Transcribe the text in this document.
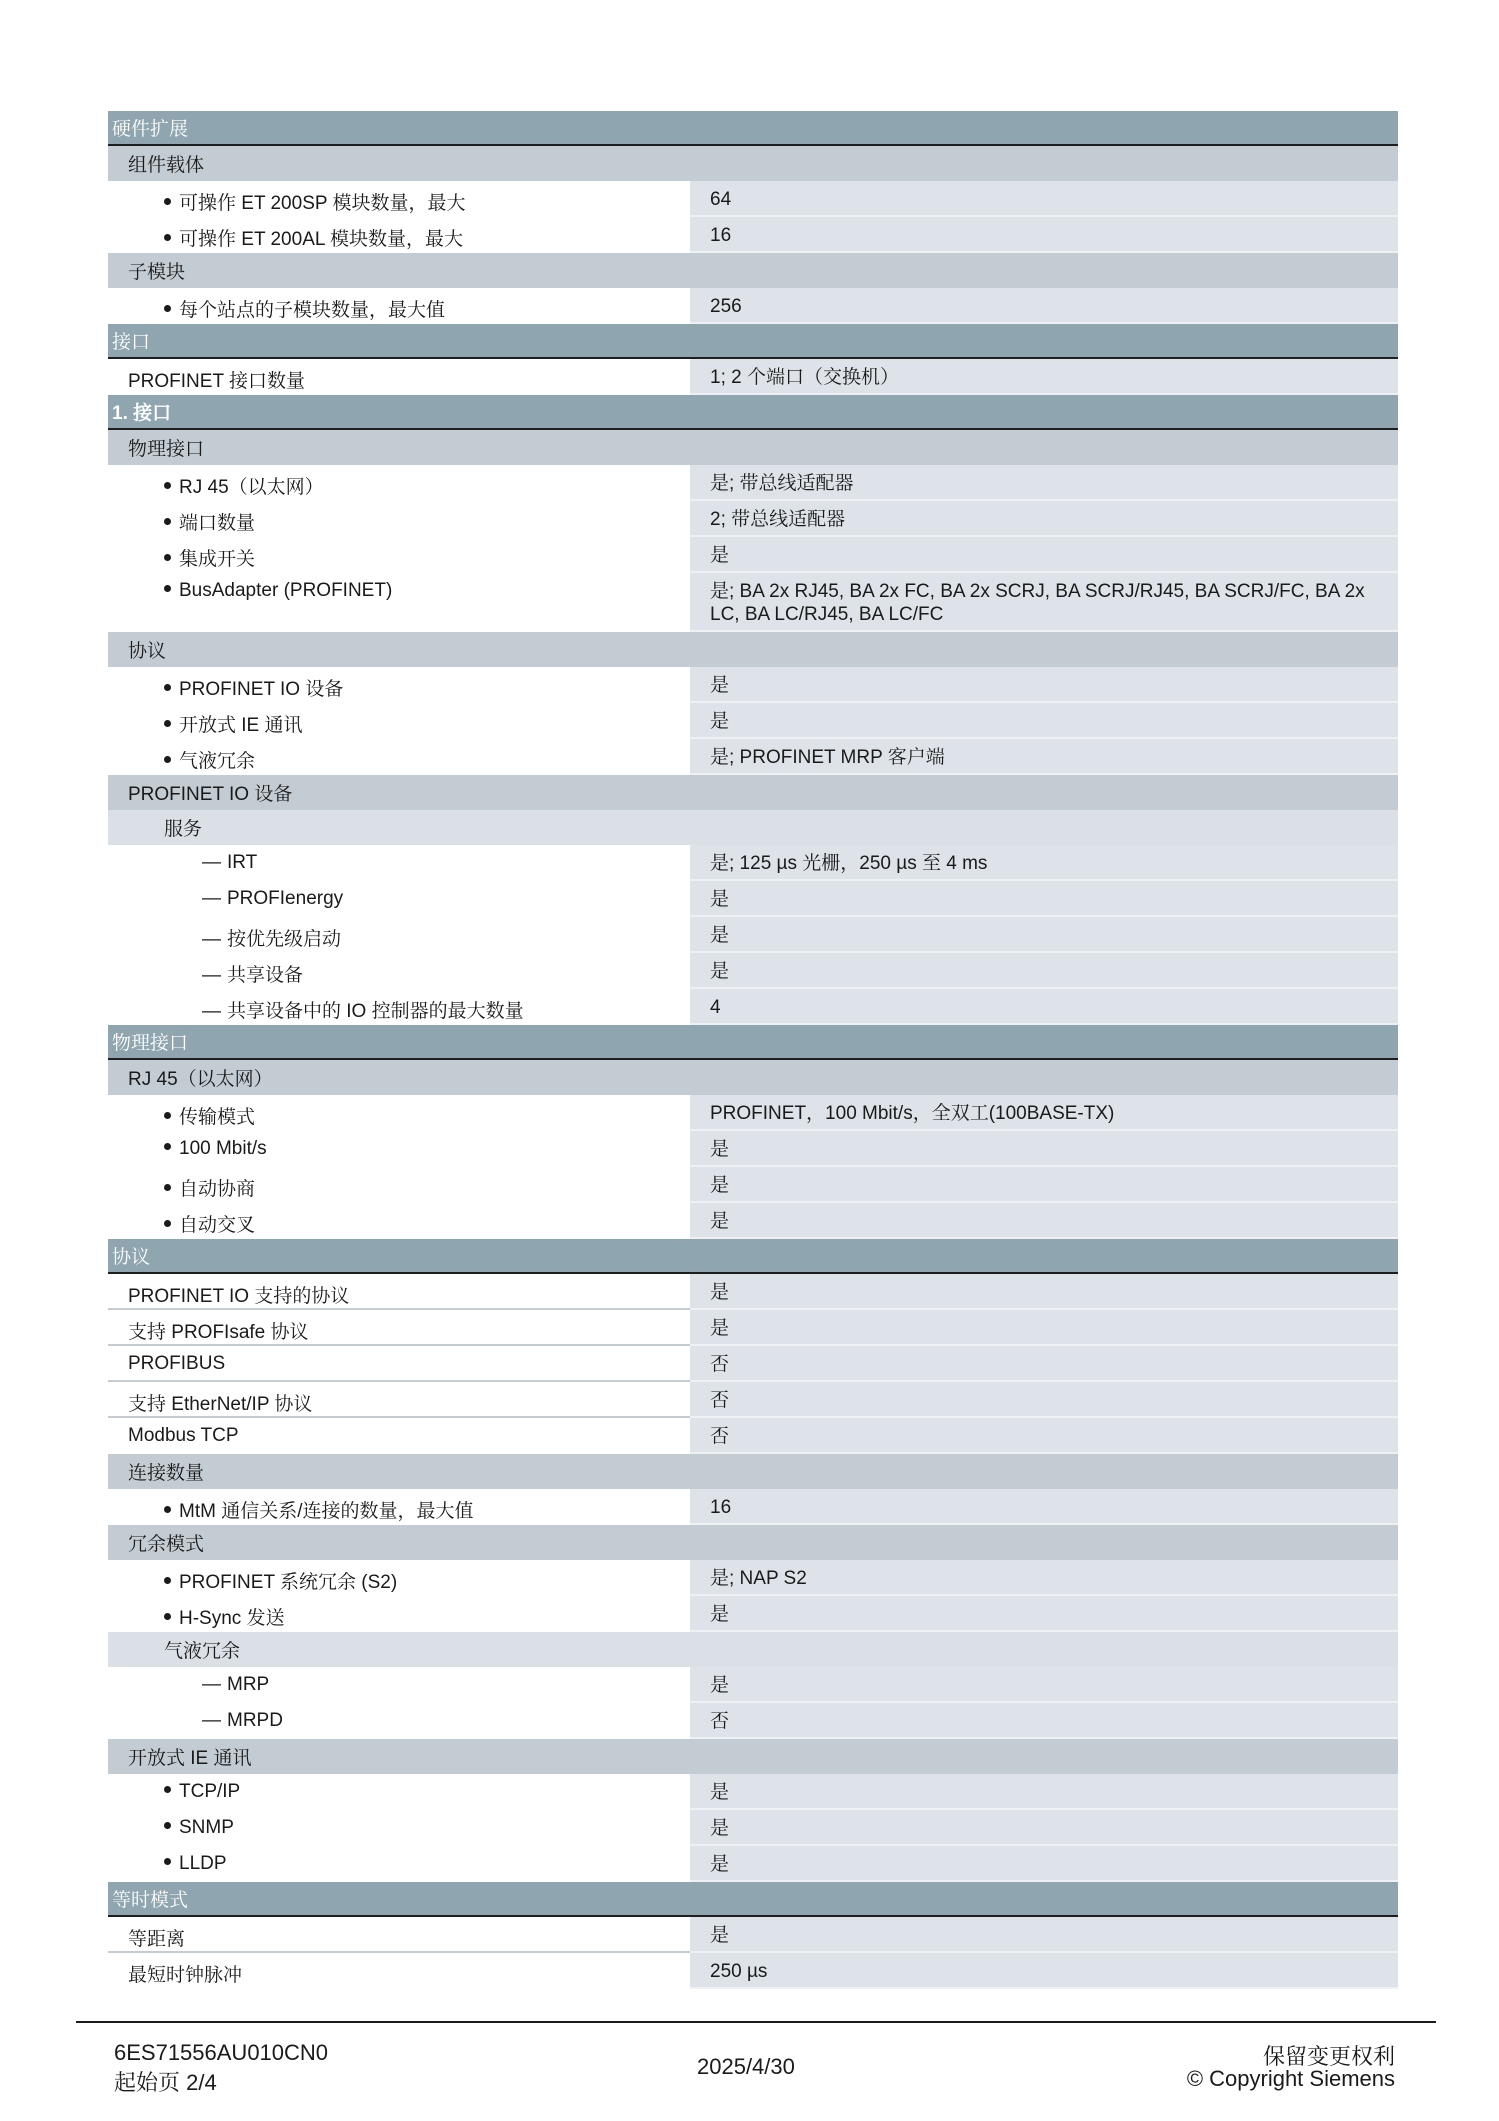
硬件扩展
组件载体
可操作 ET 200SP 模块数量，最大	64
可操作 ET 200AL 模块数量，最大	16
子模块
每个站点的子模块数量，最大值	256
接口
PROFINET 接口数量	1; 2 个端口（交换机）
1. 接口
物理接口
RJ 45（以太网）	是; 带总线适配器
端口数量	2; 带总线适配器
集成开关	是
BusAdapter (PROFINET)	是; BA 2x RJ45, BA 2x FC, BA 2x SCRJ, BA SCRJ/RJ45, BA SCRJ/FC, BA 2x LC, BA LC/RJ45, BA LC/FC
协议
PROFINET IO 设备	是
开放式 IE 通讯	是
气液冗余	是; PROFINET MRP 客户端
PROFINET IO 设备
服务
— IRT	是; 125 µs 光栅，250 µs 至 4 ms
— PROFIenergy	是
— 按优先级启动	是
— 共享设备	是
— 共享设备中的 IO 控制器的最大数量	4
物理接口
RJ 45（以太网）
传输模式	PROFINET，100 Mbit/s，全双工(100BASE-TX)
100 Mbit/s	是
自动协商	是
自动交叉	是
协议
PROFINET IO 支持的协议	是
支持 PROFIsafe 协议	是
PROFIBUS	否
支持 EtherNet/IP 协议	否
Modbus TCP	否
连接数量
MtM 通信关系/连接的数量，最大值	16
冗余模式
PROFINET 系统冗余 (S2)	是; NAP S2
H-Sync 发送	是
气液冗余
— MRP	是
— MRPD	否
开放式 IE 通讯
TCP/IP	是
SNMP	是
LLDP	是
等时模式
等距离	是
最短时钟脉冲	250 µs
6ES71556AU010CN0
起始页 2/4
2025/4/30	保留变更权利
© Copyright Siemens
